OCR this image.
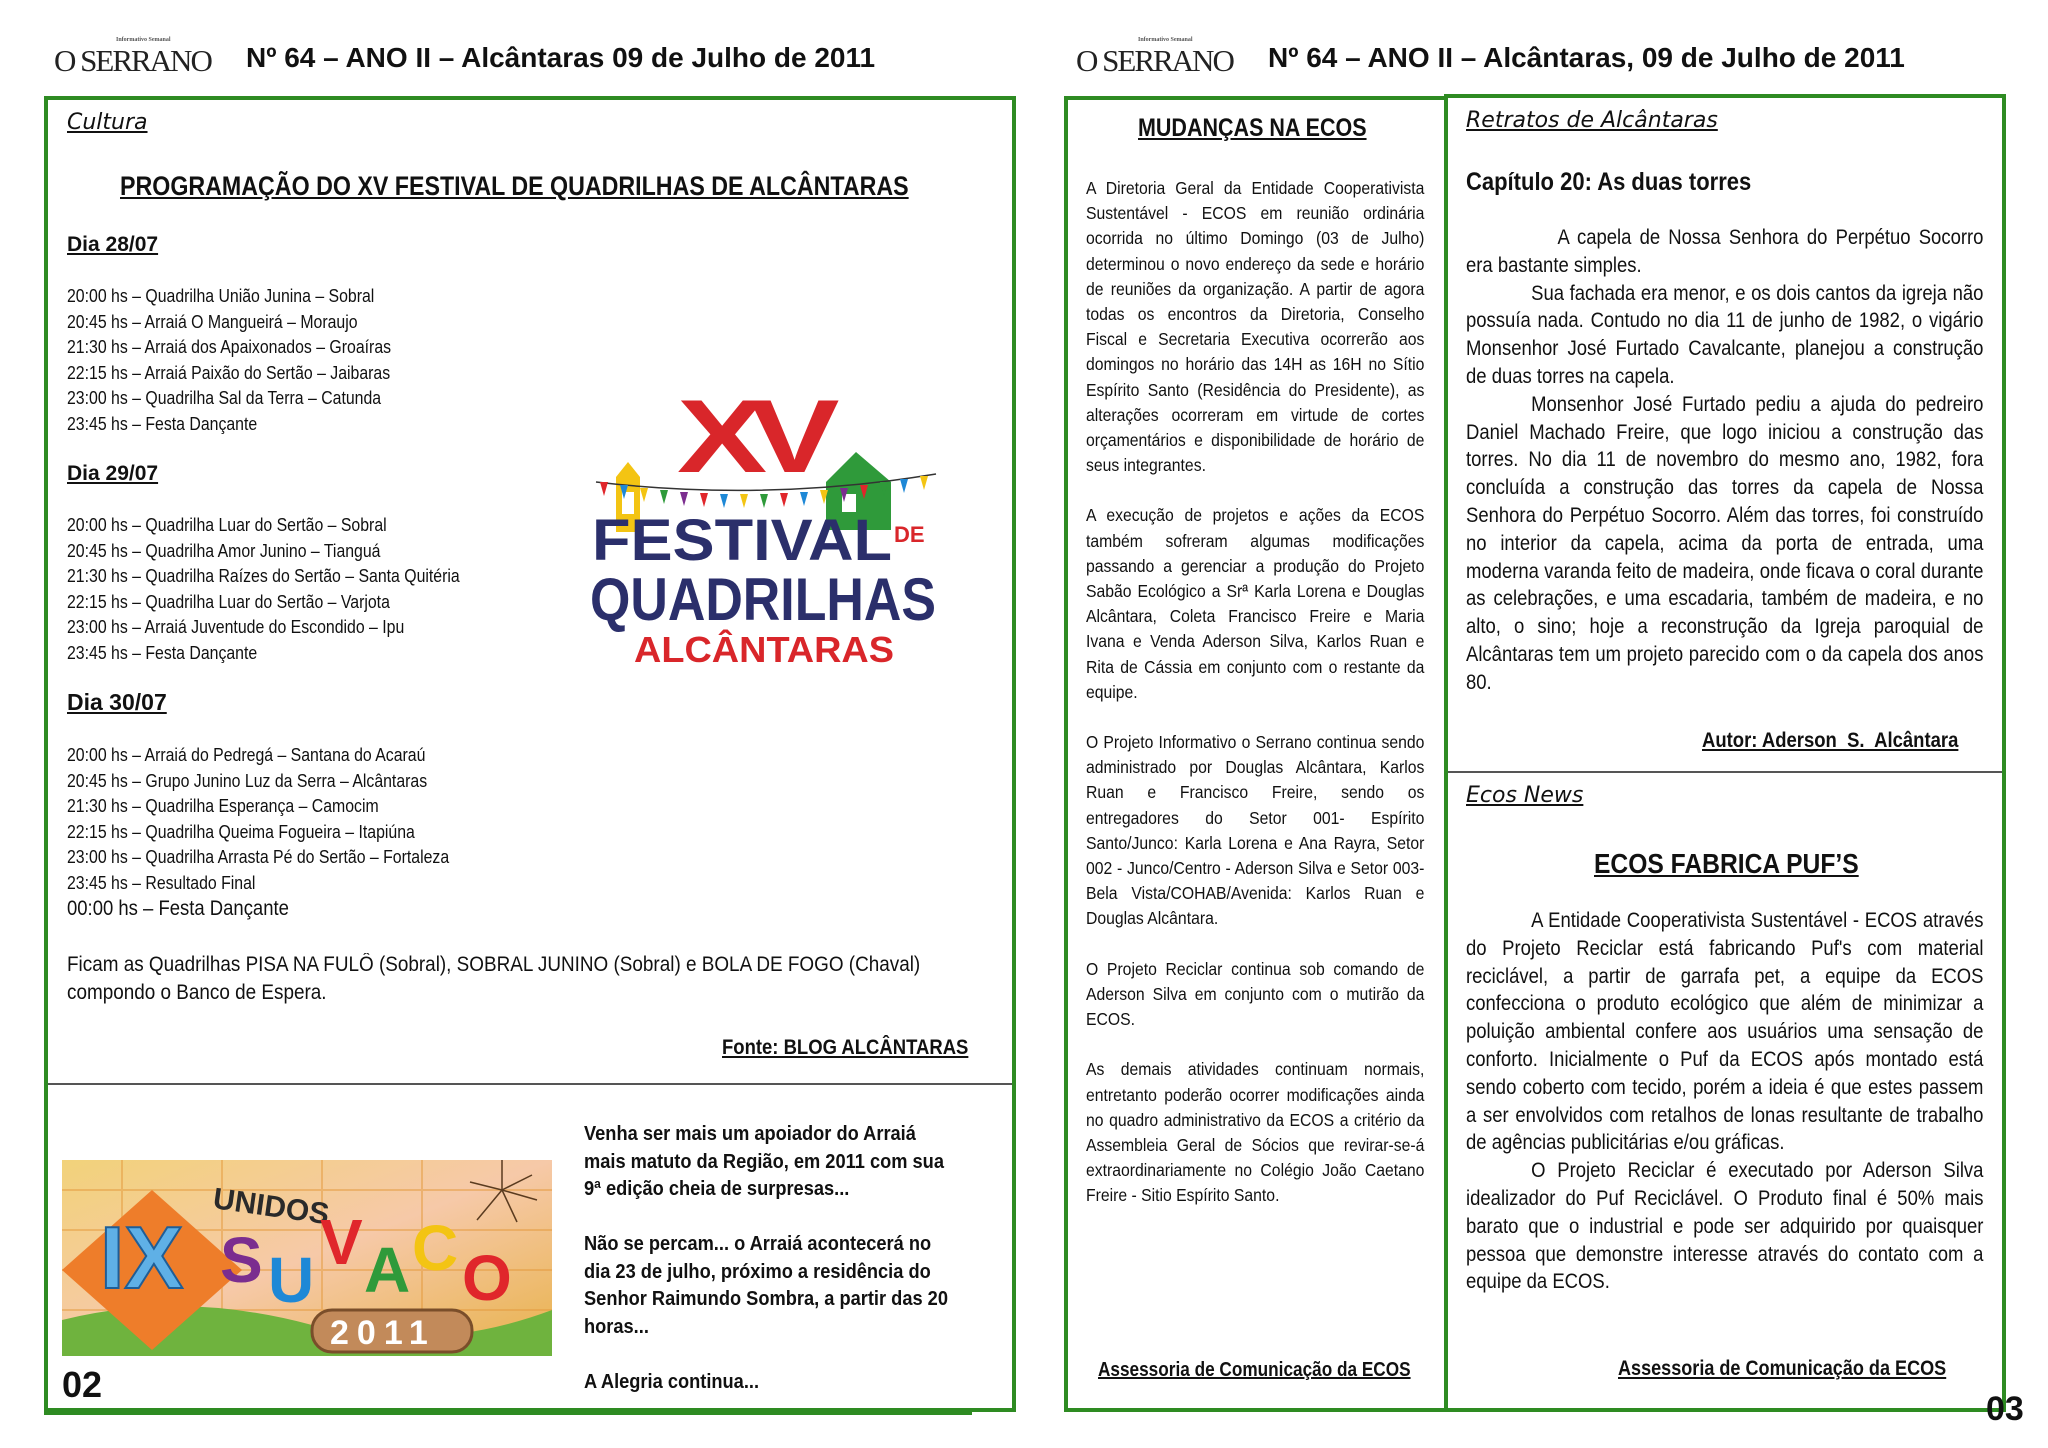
Informativo Semanal
O SERRANO Nº 64 – ANO II – Alcântaras 09 de Julho de 2011
Informativo Semanal
O SERRANO Nº 64 – ANO II – Alcântaras, 09 de Julho de 2011
Cultura
PROGRAMAÇÃO DO XV FESTIVAL DE QUADRILHAS DE ALCÂNTARAS
Dia 28/07
20:00 hs – Quadrilha União Junina – Sobral
20:45 hs – Arraiá O Mangueirá – Moraujo
21:30 hs – Arraiá dos Apaixonados – Groaíras
22:15 hs – Arraiá Paixão do Sertão – Jaibaras
23:00 hs – Quadrilha Sal da Terra – Catunda
23:45 hs – Festa Dançante
Dia 29/07
20:00 hs – Quadrilha Luar do Sertão – Sobral
20:45 hs – Quadrilha Amor Junino – Tianguá
21:30 hs – Quadrilha Raízes do Sertão – Santa Quitéria
22:15 hs – Quadrilha Luar do Sertão – Varjota
23:00 hs – Arraiá Juventude do Escondido – Ipu
23:45 hs – Festa Dançante
Dia 30/07
20:00 hs – Arraiá do Pedregá – Santana do Acaraú
20:45 hs – Grupo Junino Luz da Serra – Alcântaras
21:30 hs – Quadrilha Esperança – Camocim
22:15 hs – Quadrilha Queima Fogueira – Itapiúna
23:00 hs – Quadrilha Arrasta Pé do Sertão – Fortaleza
23:45 hs – Resultado Final
00:00 hs – Festa Dançante
Ficam as Quadrilhas PISA NA FULÔ (Sobral), SOBRAL JUNINO (Sobral) e BOLA DE FOGO (Chaval)
compondo o Banco de Espera.
Fonte: BLOG ALCÂNTARAS
XV
FESTIVAL DE
QUADRILHAS
ALCÂNTARAS
UNIDOS
IX S U
V A C O
2011
Venha ser mais um apoiador do Arraiá
mais matuto da Região, em 2011 com sua
9ª edição cheia de surpresas...
Não se percam... o Arraiá acontecerá no
dia 23 de julho, próximo a residência do
Senhor Raimundo Sombra, a partir das 20
horas...
A Alegria continua...
02
MUDANÇAS NA ECOS

A Diretoria Geral da Entidade Cooperativista Sustentável - ECOS em reunião ordinária ocorrida no último Domingo (03 de Julho) determinou o novo endereço da sede e horário de reuniões da organização. A partir de agora todas os encontros da Diretoria, Conselho Fiscal e Secretaria Executiva ocorrerão aos domingos no horário das 14H as 16H no Sítio Espírito Santo (Residência do Presidente), as alterações ocorreram em virtude de cortes orçamentários e disponibilidade de horário de seus integrantes.

A execução de projetos e ações da ECOS também sofreram algumas modificações passando a gerenciar a produção do Projeto Sabão Ecológico a Srª Karla Lorena e Douglas Alcântara, Coleta Francisco Freire e Maria Ivana e Venda Aderson Silva, Karlos Ruan e Rita de Cássia em conjunto com o restante da equipe.

O Projeto Informativo o Serrano continua sendo administrado por Douglas Alcântara, Karlos Ruan e Francisco Freire, sendo os entregadores do Setor 001- Espírito Santo/Junco: Karla Lorena e Ana Rayra, Setor 002 - Junco/Centro - Aderson Silva e Setor 003- Bela Vista/COHAB/Avenida: Karlos Ruan e Douglas Alcântara.

O Projeto Reciclar continua sob comando de Aderson Silva em conjunto com o mutirão da ECOS.

As demais atividades continuam normais, entretanto poderão ocorrer modificações ainda no quadro administrativo da ECOS a critério da Assembleia Geral de Sócios que revirar-se-á extraordinariamente no Colégio João Caetano Freire - Sitio Espírito Santo.

Assessoria de Comunicação da ECOS
Retratos de Alcântaras
Capítulo 20: As duas torres

A capela de Nossa Senhora do Perpétuo Socorro era bastante simples.

Sua fachada era menor, e os dois cantos da igreja não possuía nada. Contudo no dia 11 de junho de 1982, o vigário Monsenhor José Furtado Cavalcante, planejou a construção de duas torres na capela.

Monsenhor José Furtado pediu a ajuda do pedreiro Daniel Machado Freire, que logo iniciou a construção das torres. No dia 11 de novembro do mesmo ano, 1982, fora concluída a construção das torres da capela de Nossa Senhora do Perpétuo Socorro. Além das torres, foi construído no interior da capela, acima da porta de entrada, uma moderna varanda feito de madeira, onde ficava o coral durante as celebrações, e uma escadaria, também de madeira, e no alto, o sino; hoje a reconstrução da Igreja paroquial de Alcântaras tem um projeto parecido com o da capela dos anos 80.

Autor: Aderson  S.  Alcântara
Ecos News
ECOS FABRICA PUF’S

A Entidade Cooperativista Sustentável - ECOS através do Projeto Reciclar está fabricando Puf's com material reciclável, a partir de garrafa pet, a equipe da ECOS confecciona o produto ecológico que além de minimizar a poluição ambiental confere aos usuários uma sensação de conforto. Inicialmente o Puf da ECOS após montado está sendo coberto com tecido, porém a ideia é que estes passem a ser envolvidos com retalhos de lonas resultante de trabalho de agências publicitárias e/ou gráficas.

O Projeto Reciclar é executado por Aderson Silva idealizador do Puf Reciclável. O Produto final é 50% mais barato que o industrial e pode ser adquirido por quaisquer pessoa que demonstre interesse através do contato com a equipe da ECOS.

Assessoria de Comunicação da ECOS
03
